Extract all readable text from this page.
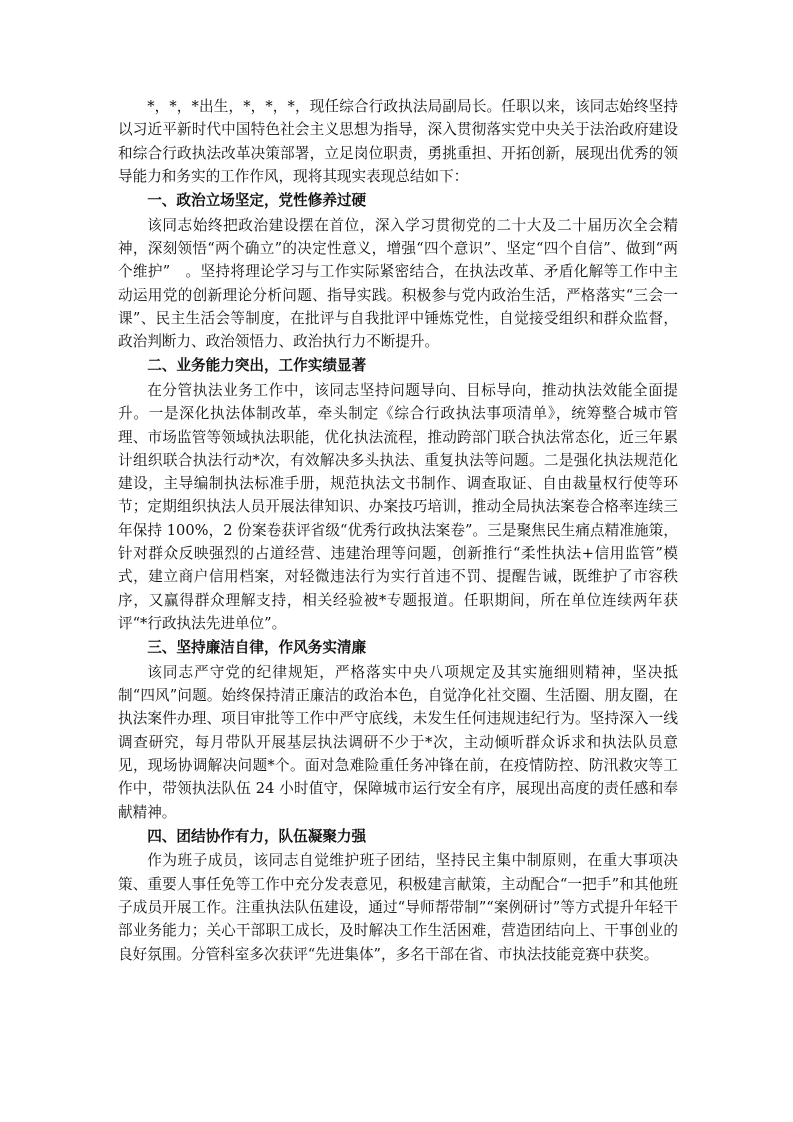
*，*，*出生，*，*，*，现任综合行政执法局副局长。任职以来，该同志始终坚持以习近平新时代中国特色社会主义思想为指导，深入贯彻落实党中央关于法治政府建设和综合行政执法改革决策部署，立足岗位职责，勇挑重担、开拓创新，展现出优秀的领导能力和务实的工作作风，现将其现实表现总结如下：

一、政治立场坚定，党性修养过硬

该同志始终把政治建设摆在首位，深入学习贯彻党的二十大及二十届历次全会精神，深刻领悟“两个确立”的决定性意义，增强“四个意识”、坚定“四个自信”、做到“两个维护”　。坚持将理论学习与工作实际紧密结合，在执法改革、矛盾化解等工作中主动运用党的创新理论分析问题、指导实践。积极参与党内政治生活，严格落实“三会一课”、民主生活会等制度，在批评与自我批评中锤炼党性，自觉接受组织和群众监督，政治判断力、政治领悟力、政治执行力不断提升。

二、业务能力突出，工作实绩显著

在分管执法业务工作中，该同志坚持问题导向、目标导向，推动执法效能全面提升。一是深化执法体制改革，牵头制定《综合行政执法事项清单》，统筹整合城市管理、市场监管等领域执法职能，优化执法流程，推动跨部门联合执法常态化，近三年累计组织联合执法行动*次，有效解决多头执法、重复执法等问题。二是强化执法规范化建设，主导编制执法标准手册，规范执法文书制作、调查取证、自由裁量权行使等环节；定期组织执法人员开展法律知识、办案技巧培训，推动全局执法案卷合格率连续三年保持 100%，2 份案卷获评省级“优秀行政执法案卷”。三是聚焦民生痛点精准施策，针对群众反映强烈的占道经营、违建治理等问题，创新推行“柔性执法+信用监管”模式，建立商户信用档案，对轻微违法行为实行首违不罚、提醒告诫，既维护了市容秩序，又赢得群众理解支持，相关经验被*专题报道。任职期间，所在单位连续两年获评“*行政执法先进单位”。

三、坚持廉洁自律，作风务实清廉

该同志严守党的纪律规矩，严格落实中央八项规定及其实施细则精神，坚决抵制“四风”问题。始终保持清正廉洁的政治本色，自觉净化社交圈、生活圈、朋友圈，在执法案件办理、项目审批等工作中严守底线，未发生任何违规违纪行为。坚持深入一线调查研究，每月带队开展基层执法调研不少于*次，主动倾听群众诉求和执法队员意见，现场协调解决问题*个。面对急难险重任务冲锋在前，在疫情防控、防汛救灾等工作中，带领执法队伍 24 小时值守，保障城市运行安全有序，展现出高度的责任感和奉献精神。

四、团结协作有力，队伍凝聚力强

作为班子成员，该同志自觉维护班子团结，坚持民主集中制原则，在重大事项决策、重要人事任免等工作中充分发表意见，积极建言献策，主动配合“一把手”和其他班子成员开展工作。注重执法队伍建设，通过“导师帮带制”“案例研讨”等方式提升年轻干部业务能力；关心干部职工成长，及时解决工作生活困难，营造团结向上、干事创业的良好氛围。分管科室多次获评“先进集体”，多名干部在省、市执法技能竞赛中获奖。
